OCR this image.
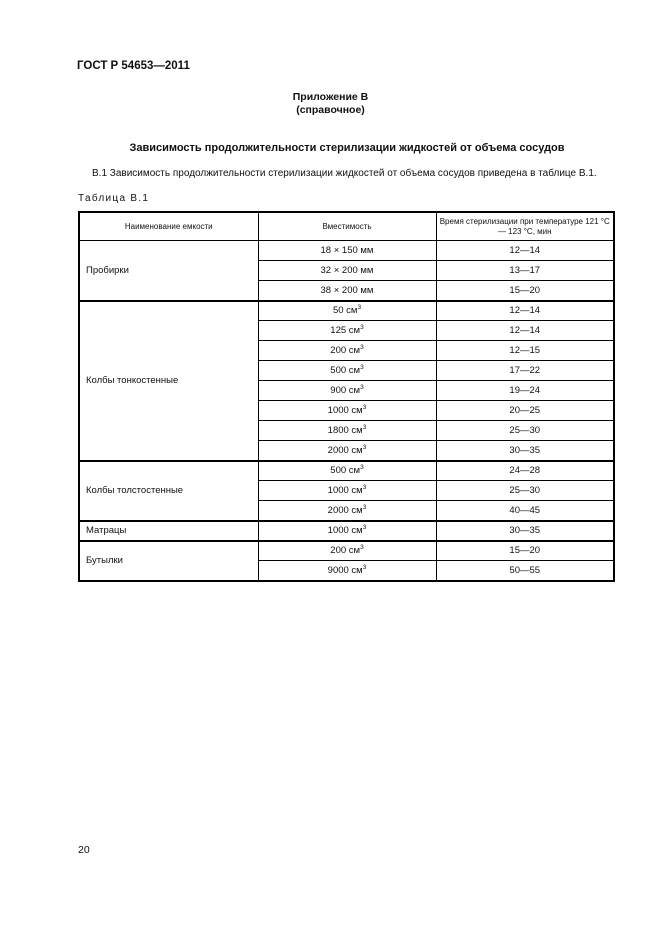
ГОСТ Р 54653—2011
Приложение В
(справочное)
Зависимость продолжительности стерилизации жидкостей от объема сосудов
В.1 Зависимость продолжительности стерилизации жидкостей от объема сосудов приведена в таблице В.1.
Таблица В.1
Наименование емкости	Вместимость	Время стерилизации при температуре 121 °С — 123 °С, мин
Пробирки	18 × 150 мм	12—14
	32 × 200 мм	13—17
	38 × 200 мм	15—20
Колбы тонкостенные	50 $см^3$	12—14
	125 $см^3$	12—14
	200 $см^3$	12—15
	500 $см^3$	17—22
	900 $см^3$	19—24
	1000 $см^3$	20—25
	1800 $см^3$	25—30
	2000 $см^3$	30—35
Колбы толстостенные	500 $см^3$	24—28
	1000 $см^3$	25—30
	2000 $см^3$	40—45
Матрацы	1000 $см^3$	30—35
Бутылки	200 $см^3$	15—20
	9000 $см^3$	50—55
20
